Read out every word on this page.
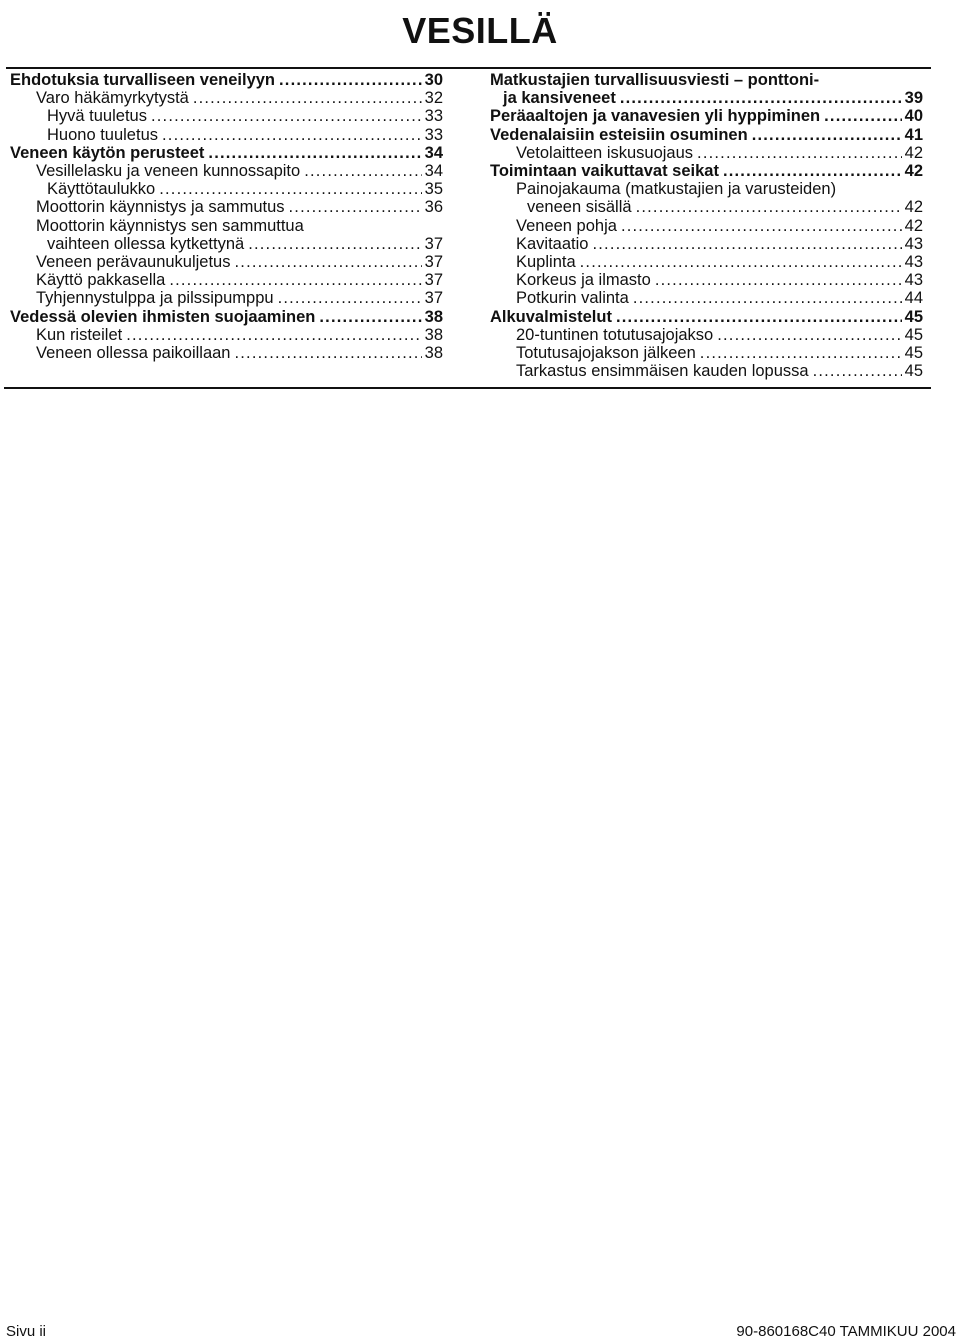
VESILLÄ
Ehdotuksia turvalliseen veneilyyn .....	30
Varo häkämyrkytystä .....	32
Hyvä tuuletus .....	33
Huono tuuletus .....	33
Veneen käytön perusteet .....	34
Vesillelasku ja veneen kunnossapito .....	34
Käyttötaulukko .....	35
Moottorin käynnistys ja sammutus .....	36
Moottorin käynnistys sen sammuttua
vaihteen ollessa kytkettynä .....	37
Veneen perävaunukuljetus .....	37
Käyttö pakkasella .....	37
Tyhjennystulppa ja pilssipumppu .....	37
Vedessä olevien ihmisten suojaaminen .....	38
Kun risteilet .....	38
Veneen ollessa paikoillaan .....	38
Matkustajien turvallisuusviesti – ponttoni-
ja kansiveneet .....	39
Peräaaltojen ja vanavesien yli hyppiminen .....	40
Vedenalaisiin esteisiin osuminen .....	41
Vetolaitteen iskusuojaus .....	42
Toimintaan vaikuttavat seikat .....	42
Painojakauma (matkustajien ja varusteiden)
veneen sisällä .....	42
Veneen pohja .....	42
Kavitaatio .....	43
Kuplinta .....	43
Korkeus ja ilmasto .....	43
Potkurin valinta .....	44
Alkuvalmistelut .....	45
20-tuntinen totutusajojakso .....	45
Totutusajojakson jälkeen .....	45
Tarkastus ensimmäisen kauden lopussa .....	45
Sivu ii	90-860168C40 TAMMIKUU 2004
